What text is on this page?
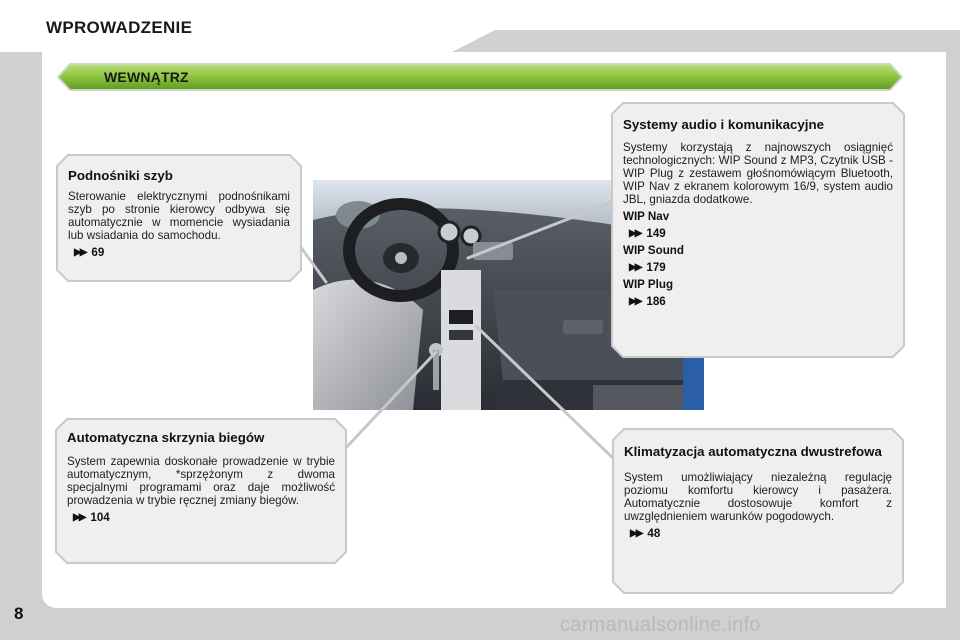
WPROWADZENIE
WEWNĄTRZ
Podnośniki szyb

Sterowanie elektrycznymi podnośnikami szyb po stronie kierowcy odbywa się automatycznie w momencie wysiadania lub wsiadania do samochodu.

▶▶ 69
Automatyczna skrzynia biegów

System zapewnia doskonałe prowadzenie w trybie automatycznym, *sprzężonym z dwoma specjalnymi programami oraz daje możliwość prowadzenia w trybie ręcznej zmiany biegów.

▶▶ 104
Systemy audio i komunikacyjne

Systemy korzystają z najnowszych osiągnięć technologicznych: WIP Sound z MP3, Czytnik USB - WIP Plug z zestawem głośnomówiącym Bluetooth, WIP Nav z ekranem kolorowym 16/9, system audio JBL, gniazda dodatkowe.

WIP Nav
▶▶ 149
WIP Sound
▶▶ 179
WIP Plug
▶▶ 186
Klimatyzacja automatyczna dwustrefowa

System umożliwiający niezależną regulację poziomu komfortu kierowcy i pasażera. Automatycznie dostosowuje komfort z uwzględnieniem warunków pogodowych.

▶▶ 48
8
carmanualsonline.info
